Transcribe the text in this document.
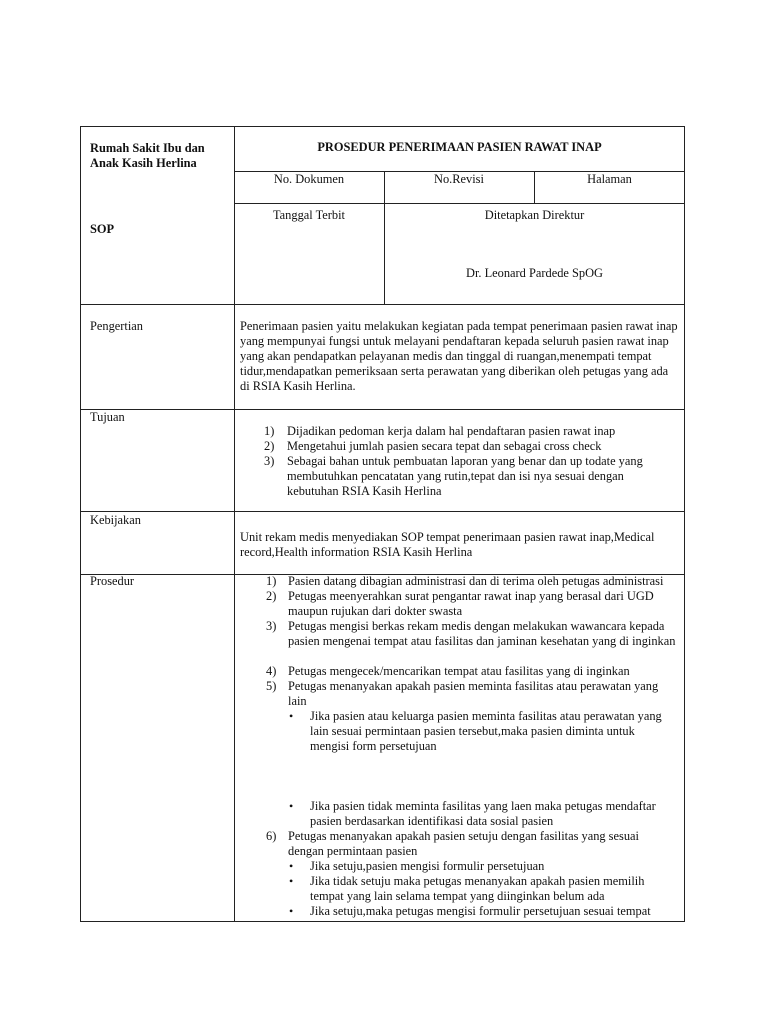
Rumah Sakit Ibu dan Anak Kasih Herlina
PROSEDUR PENERIMAAN PASIEN RAWAT INAP
No. Dokumen	No.Revisi	Halaman
SOP
Tanggal Terbit	Ditetapkan Direktur
Dr. Leonard Pardede SpOG
Pengertian	Penerimaan pasien yaitu melakukan kegiatan pada tempat penerimaan pasien rawat inap yang mempunyai fungsi untuk melayani pendaftaran kepada seluruh pasien rawat inap yang akan pendapatkan pelayanan medis dan tinggal di ruangan,menempati tempat tidur,mendapatkan pemeriksaan serta perawatan yang diberikan oleh petugas yang ada di RSIA Kasih Herlina.
Tujuan
1) Dijadikan pedoman kerja dalam hal pendaftaran pasien rawat inap
2) Mengetahui jumlah pasien secara tepat dan sebagai cross check
3) Sebagai bahan untuk pembuatan laporan yang benar dan up todate yang membutuhkan pencatatan yang rutin,tepat dan isi nya sesuai dengan kebutuhan RSIA Kasih Herlina
Kebijakan
Unit rekam medis menyediakan SOP tempat penerimaan pasien rawat inap,Medical record,Health information RSIA Kasih Herlina
Prosedur	1) Pasien datang dibagian administrasi dan di terima oleh petugas administrasi
2) Petugas meenyerahkan surat pengantar rawat inap yang berasal dari UGD maupun rujukan dari dokter swasta
3) Petugas mengisi berkas rekam medis dengan melakukan wawancara kepada pasien mengenai tempat atau fasilitas dan jaminan kesehatan yang di inginkan
4) Petugas mengecek/mencarikan tempat atau fasilitas yang di inginkan
5) Petugas menanyakan apakah pasien meminta fasilitas atau perawatan yang lain
• Jika pasien atau keluarga pasien meminta fasilitas atau perawatan yang lain sesuai permintaan pasien tersebut,maka pasien diminta untuk mengisi form persetujuan
• Jika pasien tidak meminta fasilitas yang laen maka petugas mendaftar pasien berdasarkan identifikasi data sosial pasien
6) Petugas menanyakan apakah pasien setuju dengan fasilitas yang sesuai dengan permintaan pasien
• Jika setuju,pasien mengisi formulir persetujuan
• Jika tidak setuju maka petugas menanyakan apakah pasien memilih tempat yang lain selama tempat yang diinginkan belum ada
• Jika setuju,maka petugas mengisi formulir persetujuan sesuai tempat
